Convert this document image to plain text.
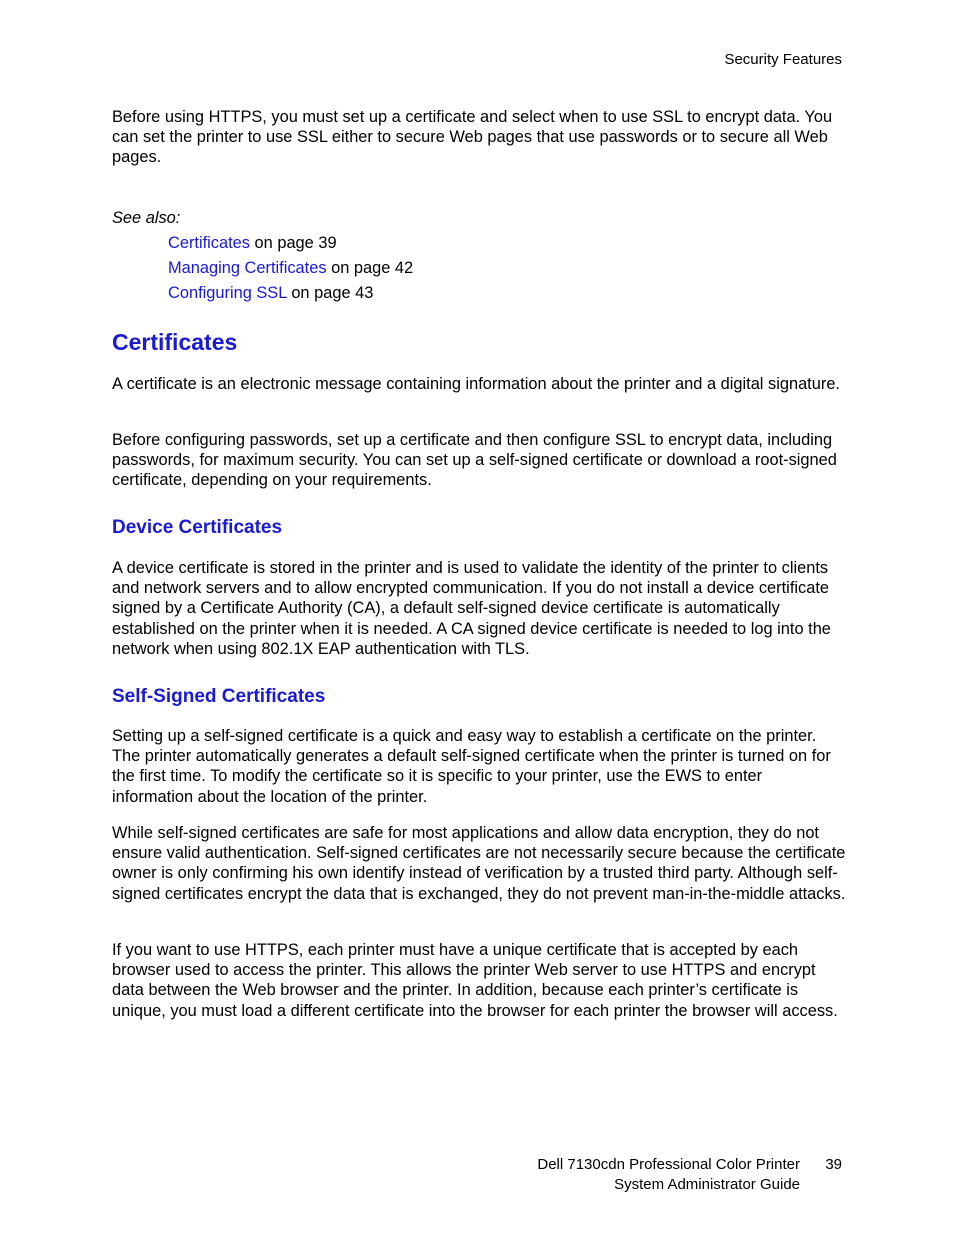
Security Features

Before using HTTPS, you must set up a certificate and select when to use SSL to encrypt data. You can set the printer to use SSL either to secure Web pages that use passwords or to secure all Web pages.

See also:
Certificates on page 39
Managing Certificates on page 42
Configuring SSL on page 43
Certificates

A certificate is an electronic message containing information about the printer and a digital signature.

Before configuring passwords, set up a certificate and then configure SSL to encrypt data, including passwords, for maximum security. You can set up a self-signed certificate or download a root-signed certificate, depending on your requirements.

Device Certificates

A device certificate is stored in the printer and is used to validate the identity of the printer to clients and network servers and to allow encrypted communication. If you do not install a device certificate signed by a Certificate Authority (CA), a default self-signed device certificate is automatically established on the printer when it is needed. A CA signed device certificate is needed to log into the network when using 802.1X EAP authentication with TLS.

Self-Signed Certificates

Setting up a self-signed certificate is a quick and easy way to establish a certificate on the printer. The printer automatically generates a default self-signed certificate when the printer is turned on for the first time. To modify the certificate so it is specific to your printer, use the EWS to enter information about the location of the printer.

While self-signed certificates are safe for most applications and allow data encryption, they do not ensure valid authentication. Self-signed certificates are not necessarily secure because the certificate owner is only confirming his own identify instead of verification by a trusted third party. Although self-signed certificates encrypt the data that is exchanged, they do not prevent man-in-the-middle attacks.

If you want to use HTTPS, each printer must have a unique certificate that is accepted by each browser used to access the printer. This allows the printer Web server to use HTTPS and encrypt data between the Web browser and the printer. In addition, because each printer’s certificate is unique, you must load a different certificate into the browser for each printer the browser will access.

Dell 7130cdn Professional Color Printer
System Administrator Guide
39
